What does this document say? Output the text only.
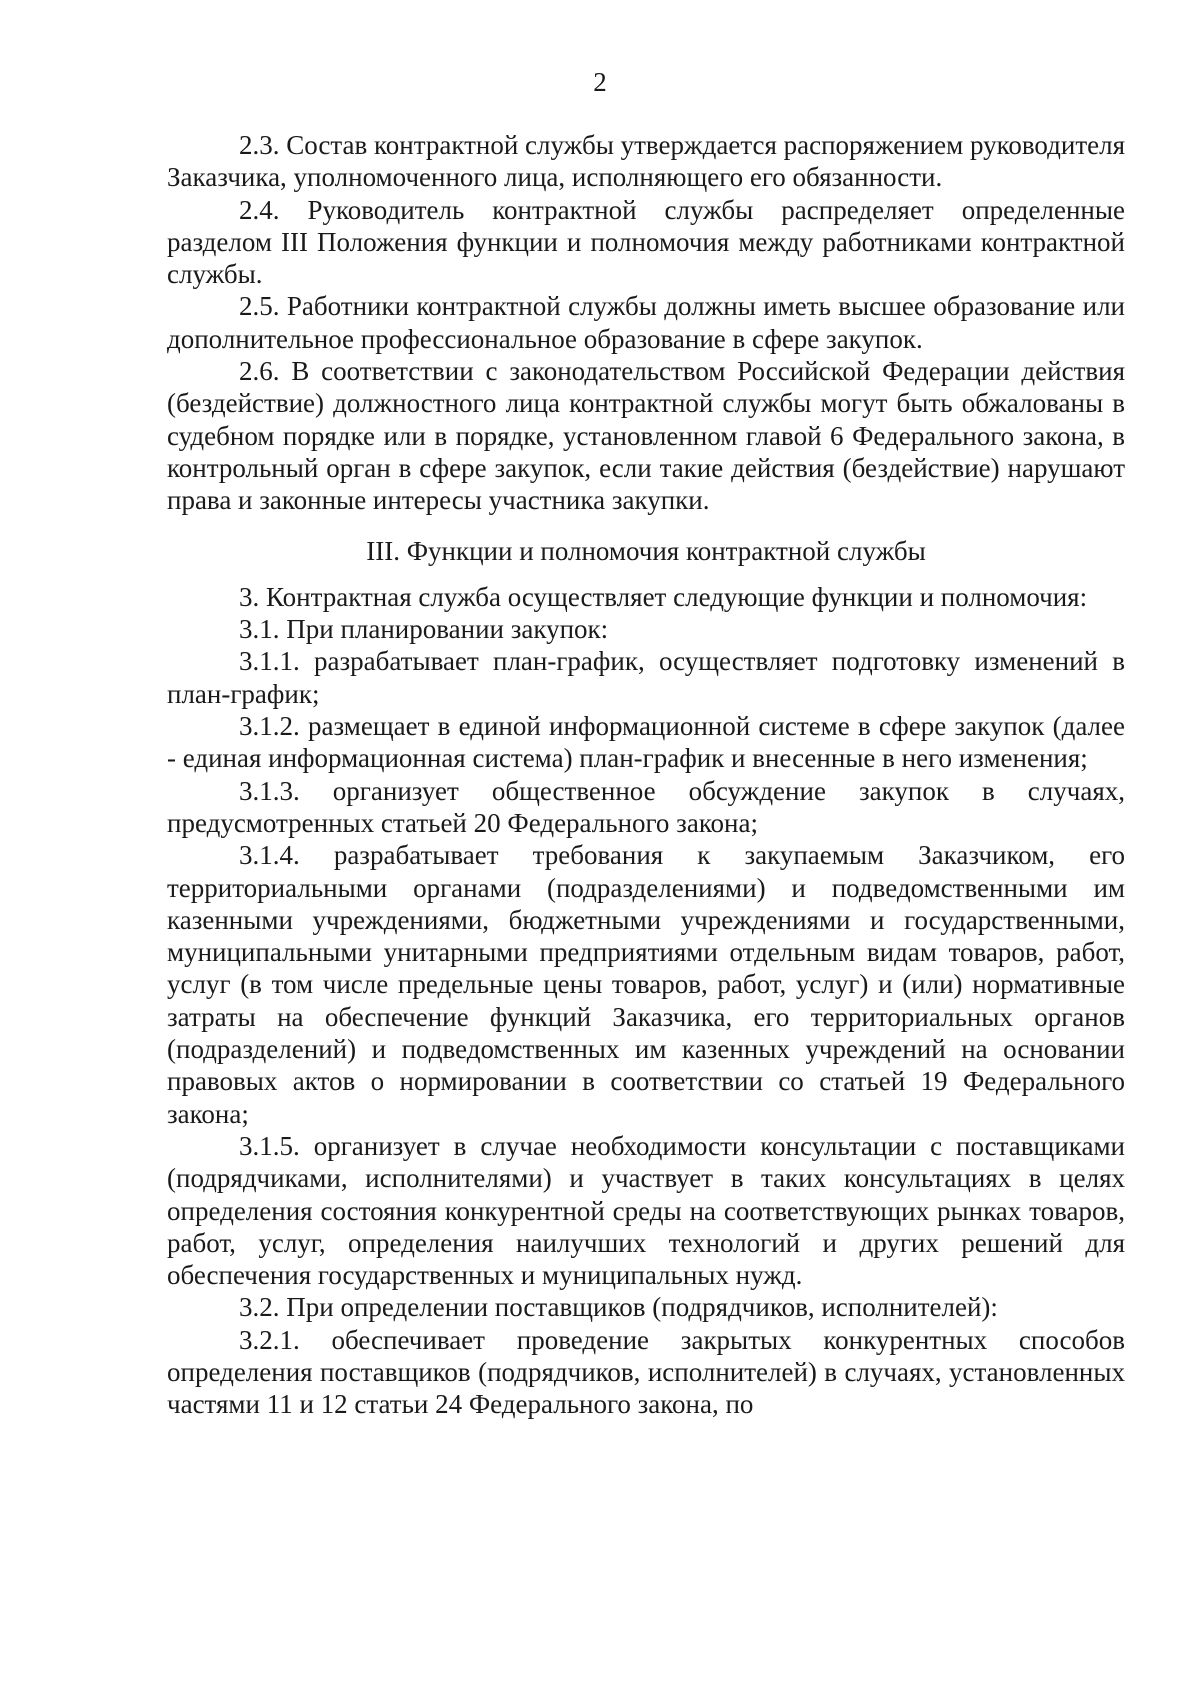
2

2.3. Состав контрактной службы утверждается распоряжением руководителя Заказчика, уполномоченного лица, исполняющего его обязанности.

2.4. Руководитель контрактной службы распределяет определенные разделом III Положения функции и полномочия между работниками контрактной службы.

2.5. Работники контрактной службы должны иметь высшее образование или дополнительное профессиональное образование в сфере закупок.

2.6. В соответствии с законодательством Российской Федерации действия (бездействие) должностного лица контрактной службы могут быть обжалованы в судебном порядке или в порядке, установленном главой 6 Федерального закона, в контрольный орган в сфере закупок, если такие действия (бездействие) нарушают права и законные интересы участника закупки.

III. Функции и полномочия контрактной службы

3. Контрактная служба осуществляет следующие функции и полномочия:

3.1. При планировании закупок:

3.1.1. разрабатывает план-график, осуществляет подготовку изменений в план-график;

3.1.2. размещает в единой информационной системе в сфере закупок (далее - единая информационная система) план-график и внесенные в него изменения;

3.1.3. организует общественное обсуждение закупок в случаях, предусмотренных статьей 20 Федерального закона;

3.1.4. разрабатывает требования к закупаемым Заказчиком, его территориальными органами (подразделениями) и подведомственными им казенными учреждениями, бюджетными учреждениями и государственными, муниципальными унитарными предприятиями отдельным видам товаров, работ, услуг (в том числе предельные цены товаров, работ, услуг) и (или) нормативные затраты на обеспечение функций Заказчика, его территориальных органов (подразделений) и подведомственных им казенных учреждений на основании правовых актов о нормировании в соответствии со статьей 19 Федерального закона;

3.1.5. организует в случае необходимости консультации с поставщиками (подрядчиками, исполнителями) и участвует в таких консультациях в целях определения состояния конкурентной среды на соответствующих рынках товаров, работ, услуг, определения наилучших технологий и других решений для обеспечения государственных и муниципальных нужд.

3.2. При определении поставщиков (подрядчиков, исполнителей):

3.2.1. обеспечивает проведение закрытых конкурентных способов определения поставщиков (подрядчиков, исполнителей) в случаях, установленных частями 11 и 12 статьи 24 Федерального закона, по
